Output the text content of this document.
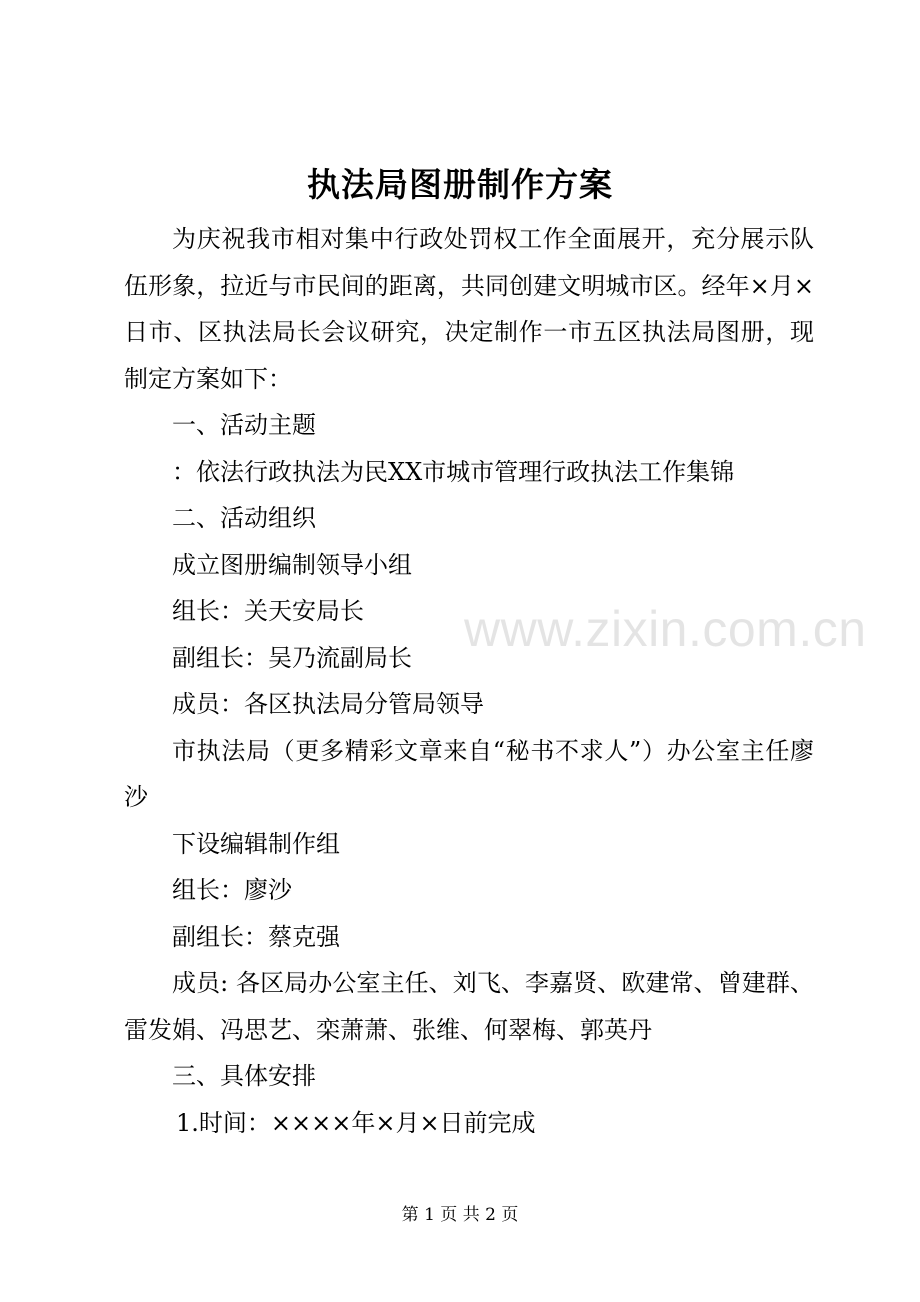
执法局图册制作方案

为庆祝我市相对集中行政处罚权工作全面展开，充分展示队伍形象，拉近与市民间的距离，共同创建文明城市区。经年×月×日市、区执法局长会议研究，决定制作一市五区执法局图册，现制定方案如下：

一、活动主题

：依法行政执法为民XX市城市管理行政执法工作集锦

二、活动组织

成立图册编制领导小组

组长：关天安局长

副组长：吴乃流副局长

成员：各区执法局分管局领导

市执法局（更多精彩文章来自“秘书不求人”）办公室主任廖沙

下设编辑制作组

组长：廖沙

副组长：蔡克强

成员: 各区局办公室主任、刘飞、李嘉贤、欧建常、曾建群、雷发娟、冯思艺、栾萧萧、张维、何翠梅、郭英丹

三、具体安排

1.时间：××××年×月×日前完成

www.zixin.com.cn
第 1 页 共 2 页
